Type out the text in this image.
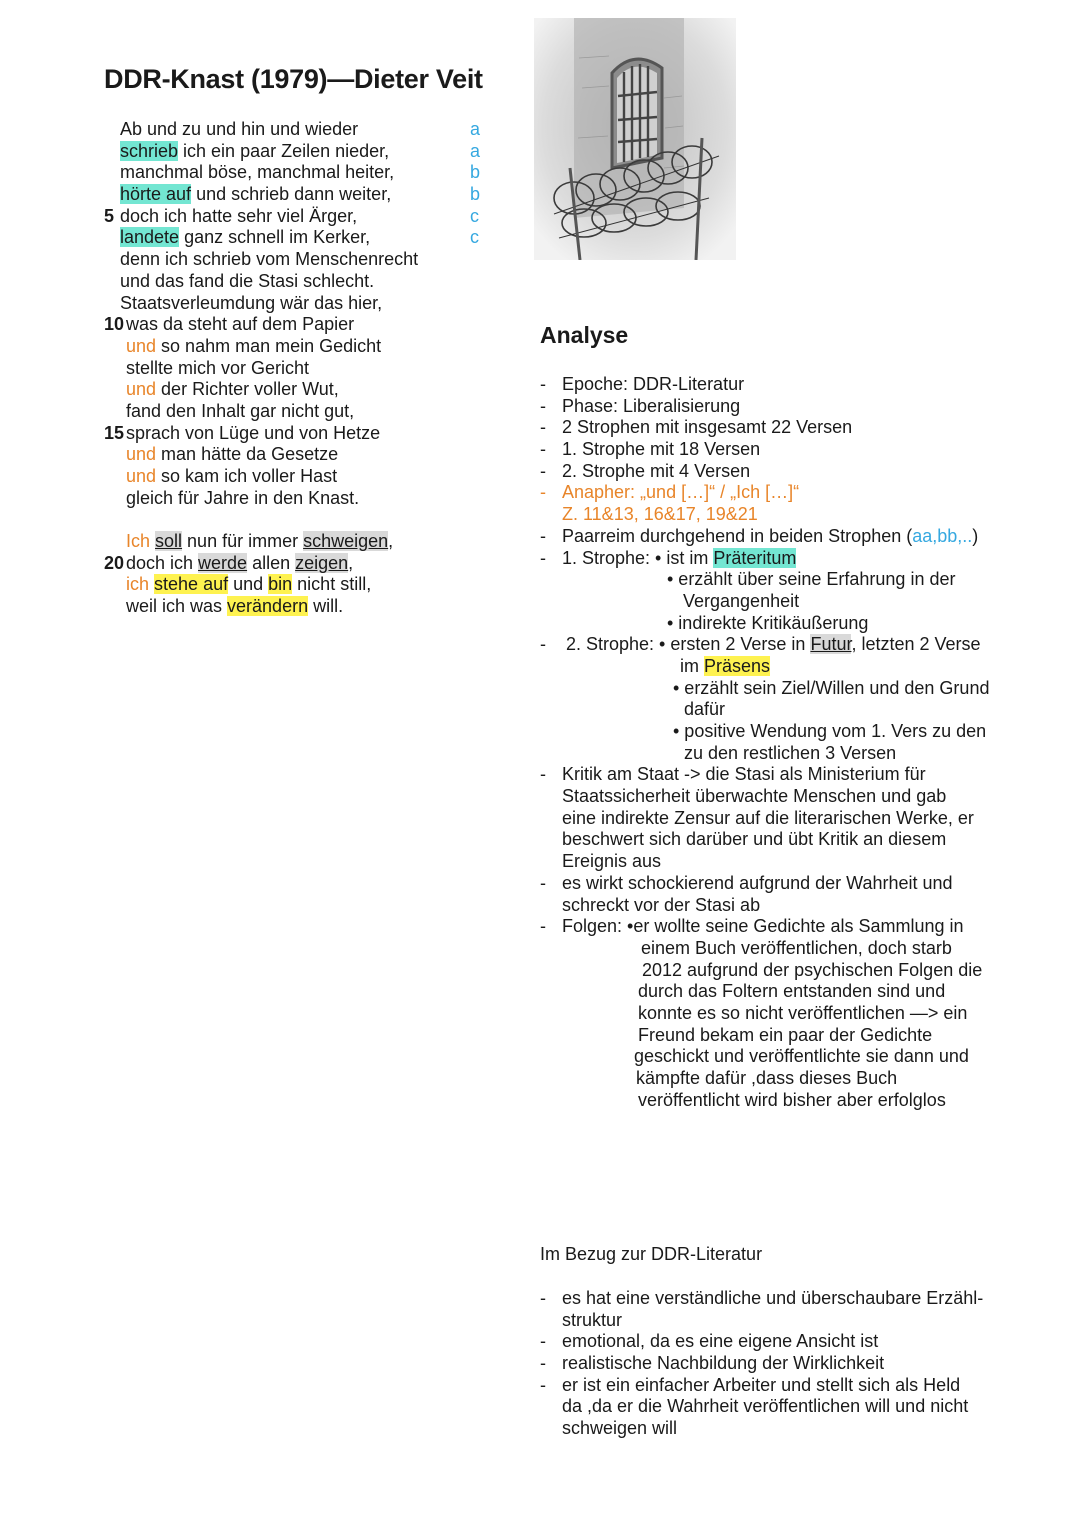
DDR-Knast (1979)—Dieter Veit
Ab und zu und hin und wieder
schrieb ich ein paar Zeilen nieder,
manchmal böse, manchmal heiter,
hörte auf und schrieb dann weiter,
5 doch ich hatte sehr viel Ärger,
landete ganz schnell im Kerker,
denn ich schrieb vom Menschenrecht
und das fand die Stasi schlecht.
Staatsverleumdung wär das hier,
10 was da steht auf dem Papier
und so nahm man mein Gedicht
stellte mich vor Gericht
und der Richter voller Wut,
fand den Inhalt gar nicht gut,
15 sprach von Lüge und von Hetze
und man hätte da Gesetze
und so kam ich voller Hast
gleich für Jahre in den Knast.
Ich soll nun für immer schweigen,
20 doch ich werde allen zeigen,
ich stehe auf und bin nicht still,
weil ich was verändern will.
a
a
b
b
c
c
Analyse
- Epoche: DDR-Literatur
- Phase: Liberalisierung
- 2 Strophen mit insgesamt 22 Versen
- 1. Strophe mit 18 Versen
- 2. Strophe mit 4 Versen
- Anapher: „und […]“ / „Ich […]“
Z. 11&13, 16&17, 19&21
- Paarreim durchgehend in beiden Strophen (aa,bb,..)
- 1. Strophe: • ist im Präteritum
• erzählt über seine Erfahrung in der
Vergangenheit
• indirekte Kritikäußerung
- 2. Strophe: • ersten 2 Verse in Futur, letzten 2 Verse
im Präsens
• erzählt sein Ziel/Willen und den Grund
dafür
• positive Wendung vom 1. Vers zu den
zu den restlichen 3 Versen
- Kritik am Staat -> die Stasi als Ministerium für
Staatssicherheit überwachte Menschen und gab
eine indirekte Zensur auf die literarischen Werke, er
beschwert sich darüber und übt Kritik an diesem
Ereignis aus
- es wirkt schockierend aufgrund der Wahrheit und
schreckt vor der Stasi ab
- Folgen: •er wollte seine Gedichte als Sammlung in
einem Buch veröffentlichen, doch starb
2012 aufgrund der psychischen Folgen die
durch das Foltern entstanden sind und
konnte es so nicht veröffentlichen —> ein
Freund bekam ein paar der Gedichte
geschickt und veröffentlichte sie dann und
kämpfte dafür ,dass dieses Buch
veröffentlicht wird bisher aber erfolglos
Im Bezug zur DDR-Literatur
- es hat eine verständliche und überschaubare Erzähl-
struktur
- emotional, da es eine eigene Ansicht ist
- realistische Nachbildung der Wirklichkeit
- er ist ein einfacher Arbeiter und stellt sich als Held
da ,da er die Wahrheit veröffentlichen will und nicht
schweigen will
